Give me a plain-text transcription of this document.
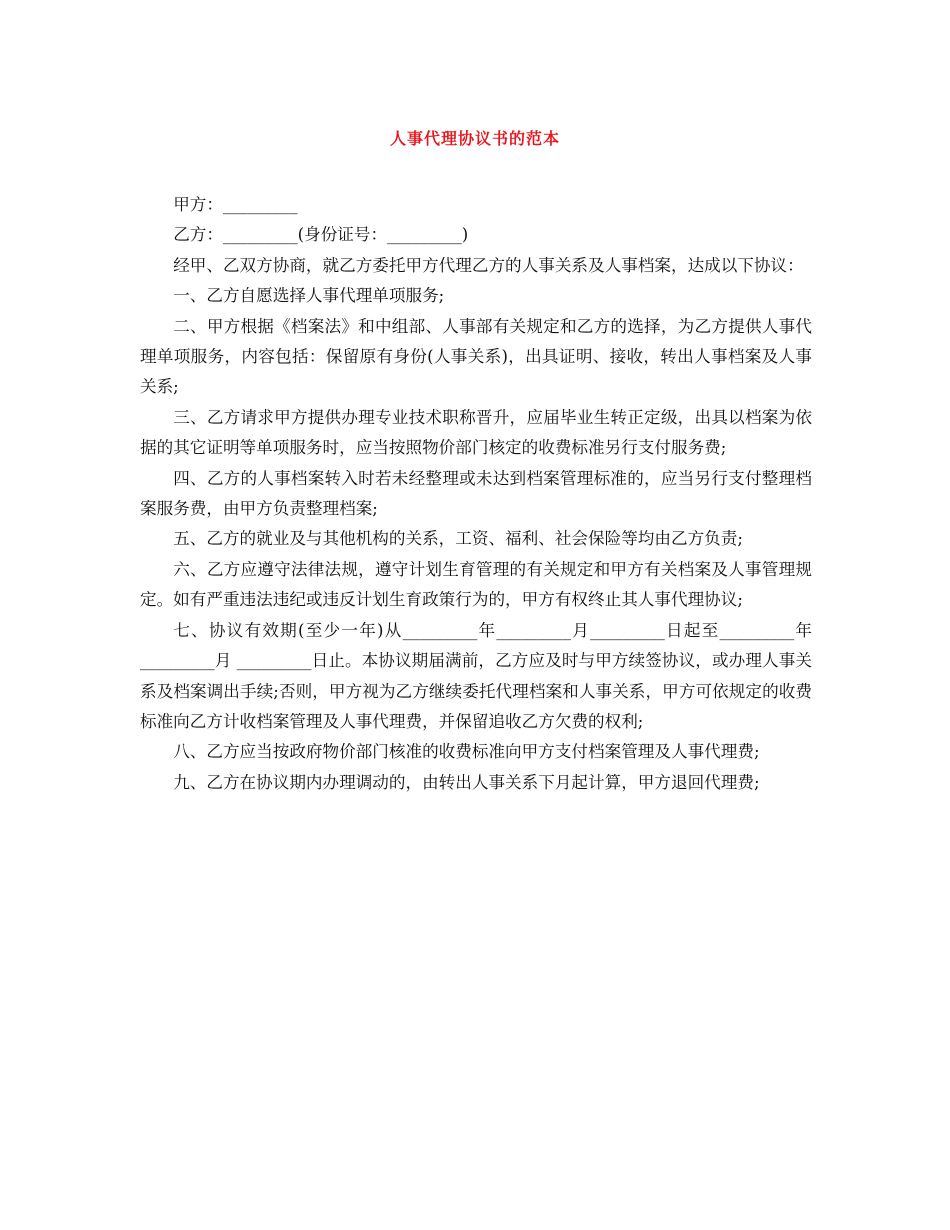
人事代理协议书的范本

甲方：_________

乙方：_________(身份证号：_________)

经甲、乙双方协商，就乙方委托甲方代理乙方的人事关系及人事档案，达成以下协议：

一、乙方自愿选择人事代理单项服务;

二、甲方根据《档案法》和中组部、人事部有关规定和乙方的选择，为乙方提供人事代理单项服务，内容包括：保留原有身份(人事关系)，出具证明、接收，转出人事档案及人事关系;

三、乙方请求甲方提供办理专业技术职称晋升，应届毕业生转正定级，出具以档案为依据的其它证明等单项服务时，应当按照物价部门核定的收费标准另行支付服务费;

四、乙方的人事档案转入时若未经整理或未达到档案管理标准的，应当另行支付整理档案服务费，由甲方负责整理档案;

五、乙方的就业及与其他机构的关系，工资、福利、社会保险等均由乙方负责;

六、乙方应遵守法律法规，遵守计划生育管理的有关规定和甲方有关档案及人事管理规定。如有严重违法违纪或违反计划生育政策行为的，甲方有权终止其人事代理协议;

七、协议有效期(至少一年)从_________年_________月_________日起至_________年_________月 _________日止。本协议期届满前，乙方应及时与甲方续签协议，或办理人事关系及档案调出手续;否则，甲方视为乙方继续委托代理档案和人事关系，甲方可依规定的收费标准向乙方计收档案管理及人事代理费，并保留追收乙方欠费的权利;

八、乙方应当按政府物价部门核准的收费标准向甲方支付档案管理及人事代理费;

九、乙方在协议期内办理调动的，由转出人事关系下月起计算，甲方退回代理费;
